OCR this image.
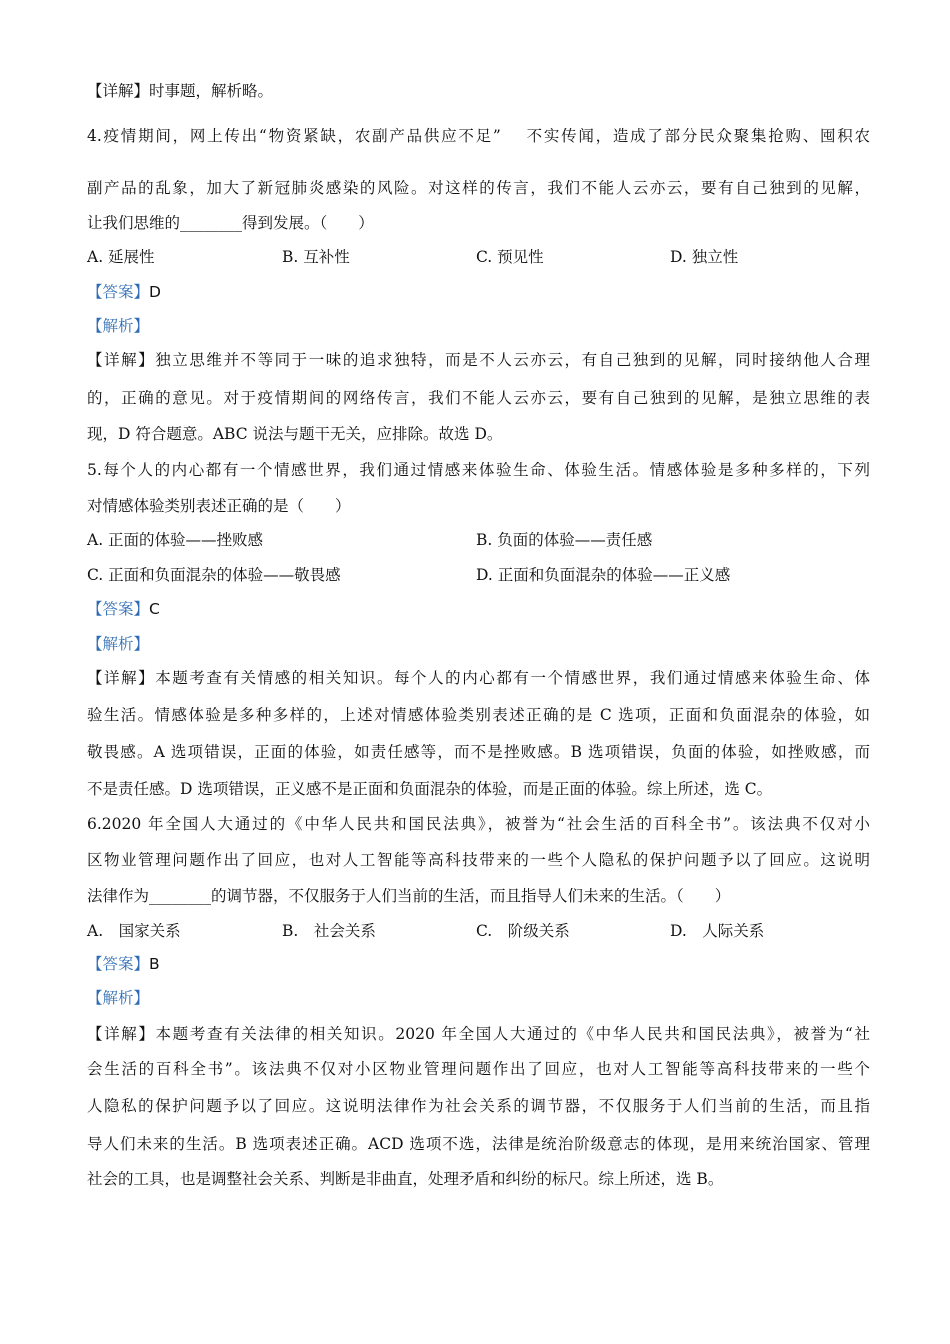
【详解】时事题，解析略。
4.疫情期间，网上传出“物资紧缺，农副产品供应不足”　 不实传闻，造成了部分民众聚集抢购、囤积农
副产品的乱象，加大了新冠肺炎感染的风险。对这样的传言，我们不能人云亦云，要有自己独到的见解，
让我们思维的________得到发展。（　　）
A. 延展性	B. 互补性	C. 预见性	D. 独立性
【答案】D
【解析】
【详解】独立思维并不等同于一味的追求独特，而是不人云亦云，有自己独到的见解，同时接纳他人合理
的，正确的意见。对于疫情期间的网络传言，我们不能人云亦云，要有自己独到的见解，是独立思维的表
现，D 符合题意。ABC 说法与题干无关，应排除。故选 D。
5.每个人的内心都有一个情感世界，我们通过情感来体验生命、体验生活。情感体验是多种多样的，下列
对情感体验类别表述正确的是（　　）
A. 正面的体验——挫败感	B. 负面的体验——责任感
C. 正面和负面混杂的体验——敬畏感	D. 正面和负面混杂的体验——正义感
【答案】C
【解析】
【详解】本题考查有关情感的相关知识。每个人的内心都有一个情感世界，我们通过情感来体验生命、体
验生活。情感体验是多种多样的，上述对情感体验类别表述正确的是 C 选项，正面和负面混杂的体验，如
敬畏感。A 选项错误，正面的体验，如责任感等，而不是挫败感。B 选项错误，负面的体验，如挫败感，而
不是责任感。D 选项错误，正义感不是正面和负面混杂的体验，而是正面的体验。综上所述，选 C。
6.2020 年全国人大通过的《中华人民共和国民法典》，被誉为“社会生活的百科全书”。该法典不仅对小
区物业管理问题作出了回应，也对人工智能等高科技带来的一些个人隐私的保护问题予以了回应。这说明
法律作为________的调节器，不仅服务于人们当前的生活，而且指导人们未来的生活。（　　）
A.　国家关系	B.　社会关系	C.　阶级关系	D.　人际关系
【答案】B
【解析】
【详解】本题考查有关法律的相关知识。2020 年全国人大通过的《中华人民共和国民法典》，被誉为“社
会生活的百科全书”。该法典不仅对小区物业管理问题作出了回应，也对人工智能等高科技带来的一些个
人隐私的保护问题予以了回应。这说明法律作为社会关系的调节器，不仅服务于人们当前的生活，而且指
导人们未来的生活。B 选项表述正确。ACD 选项不选，法律是统治阶级意志的体现，是用来统治国家、管理
社会的工具，也是调整社会关系、判断是非曲直，处理矛盾和纠纷的标尺。综上所述，选 B。
